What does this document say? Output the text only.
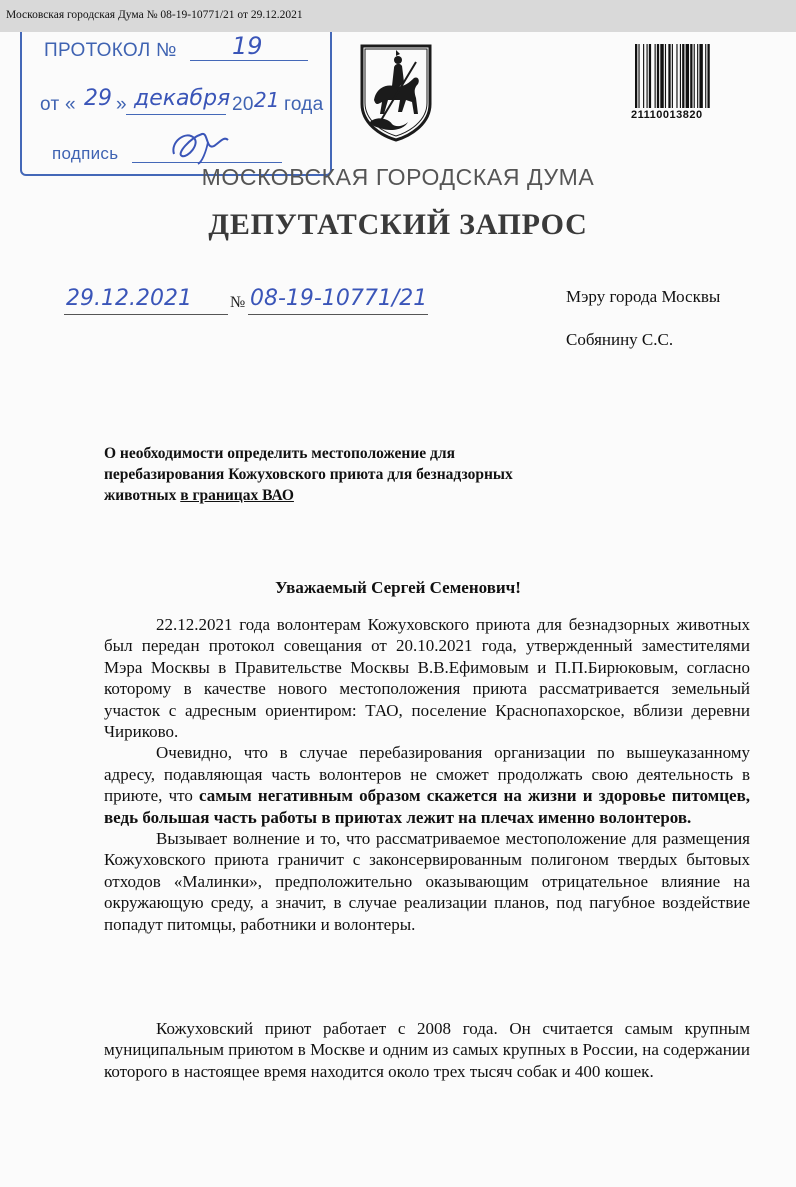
Московская городская Дума № 08-19-10771/21 от 29.12.2021
ПРОТОКОЛ № 19
от « 29 » декабря 20 21 года
подпись
21110013820
МОСКОВСКАЯ ГОРОДСКАЯ ДУМА
ДЕПУТАТСКИЙ ЗАПРОС
29.12.2021 № 08-19-10771/21	Мэру города Москвы
Собянину С.С.
О необходимости определить местоположение для перебазирования Кожуховского приюта для безнадзорных животных в границах ВАО
Уважаемый Сергей Семенович!

22.12.2021 года волонтерам Кожуховского приюта для безнадзорных животных был передан протокол совещания от 20.10.2021 года, утвержденный заместителями Мэра Москвы в Правительстве Москвы В.В.Ефимовым и П.П.Бирюковым, согласно которому в качестве нового местоположения приюта рассматривается земельный участок с адресным ориентиром: ТАО, поселение Краснопахорское, вблизи деревни Чириково.

Очевидно, что в случае перебазирования организации по вышеуказанному адресу, подавляющая часть волонтеров не сможет продолжать свою деятельность в приюте, что самым негативным образом скажется на жизни и здоровье питомцев, ведь большая часть работы в приютах лежит на плечах именно волонтеров.

Вызывает волнение и то, что рассматриваемое местоположение для размещения Кожуховского приюта граничит с законсервированным полигоном твердых бытовых отходов «Малинки», предположительно оказывающим отрицательное влияние на окружающую среду, а значит, в случае реализации планов, под пагубное воздействие попадут питомцы, работники и волонтеры.

Кожуховский приют работает с 2008 года. Он считается самым крупным муниципальным приютом в Москве и одним из самых крупных в России, на содержании которого в настоящее время находится около трех тысяч собак и 400 кошек.
